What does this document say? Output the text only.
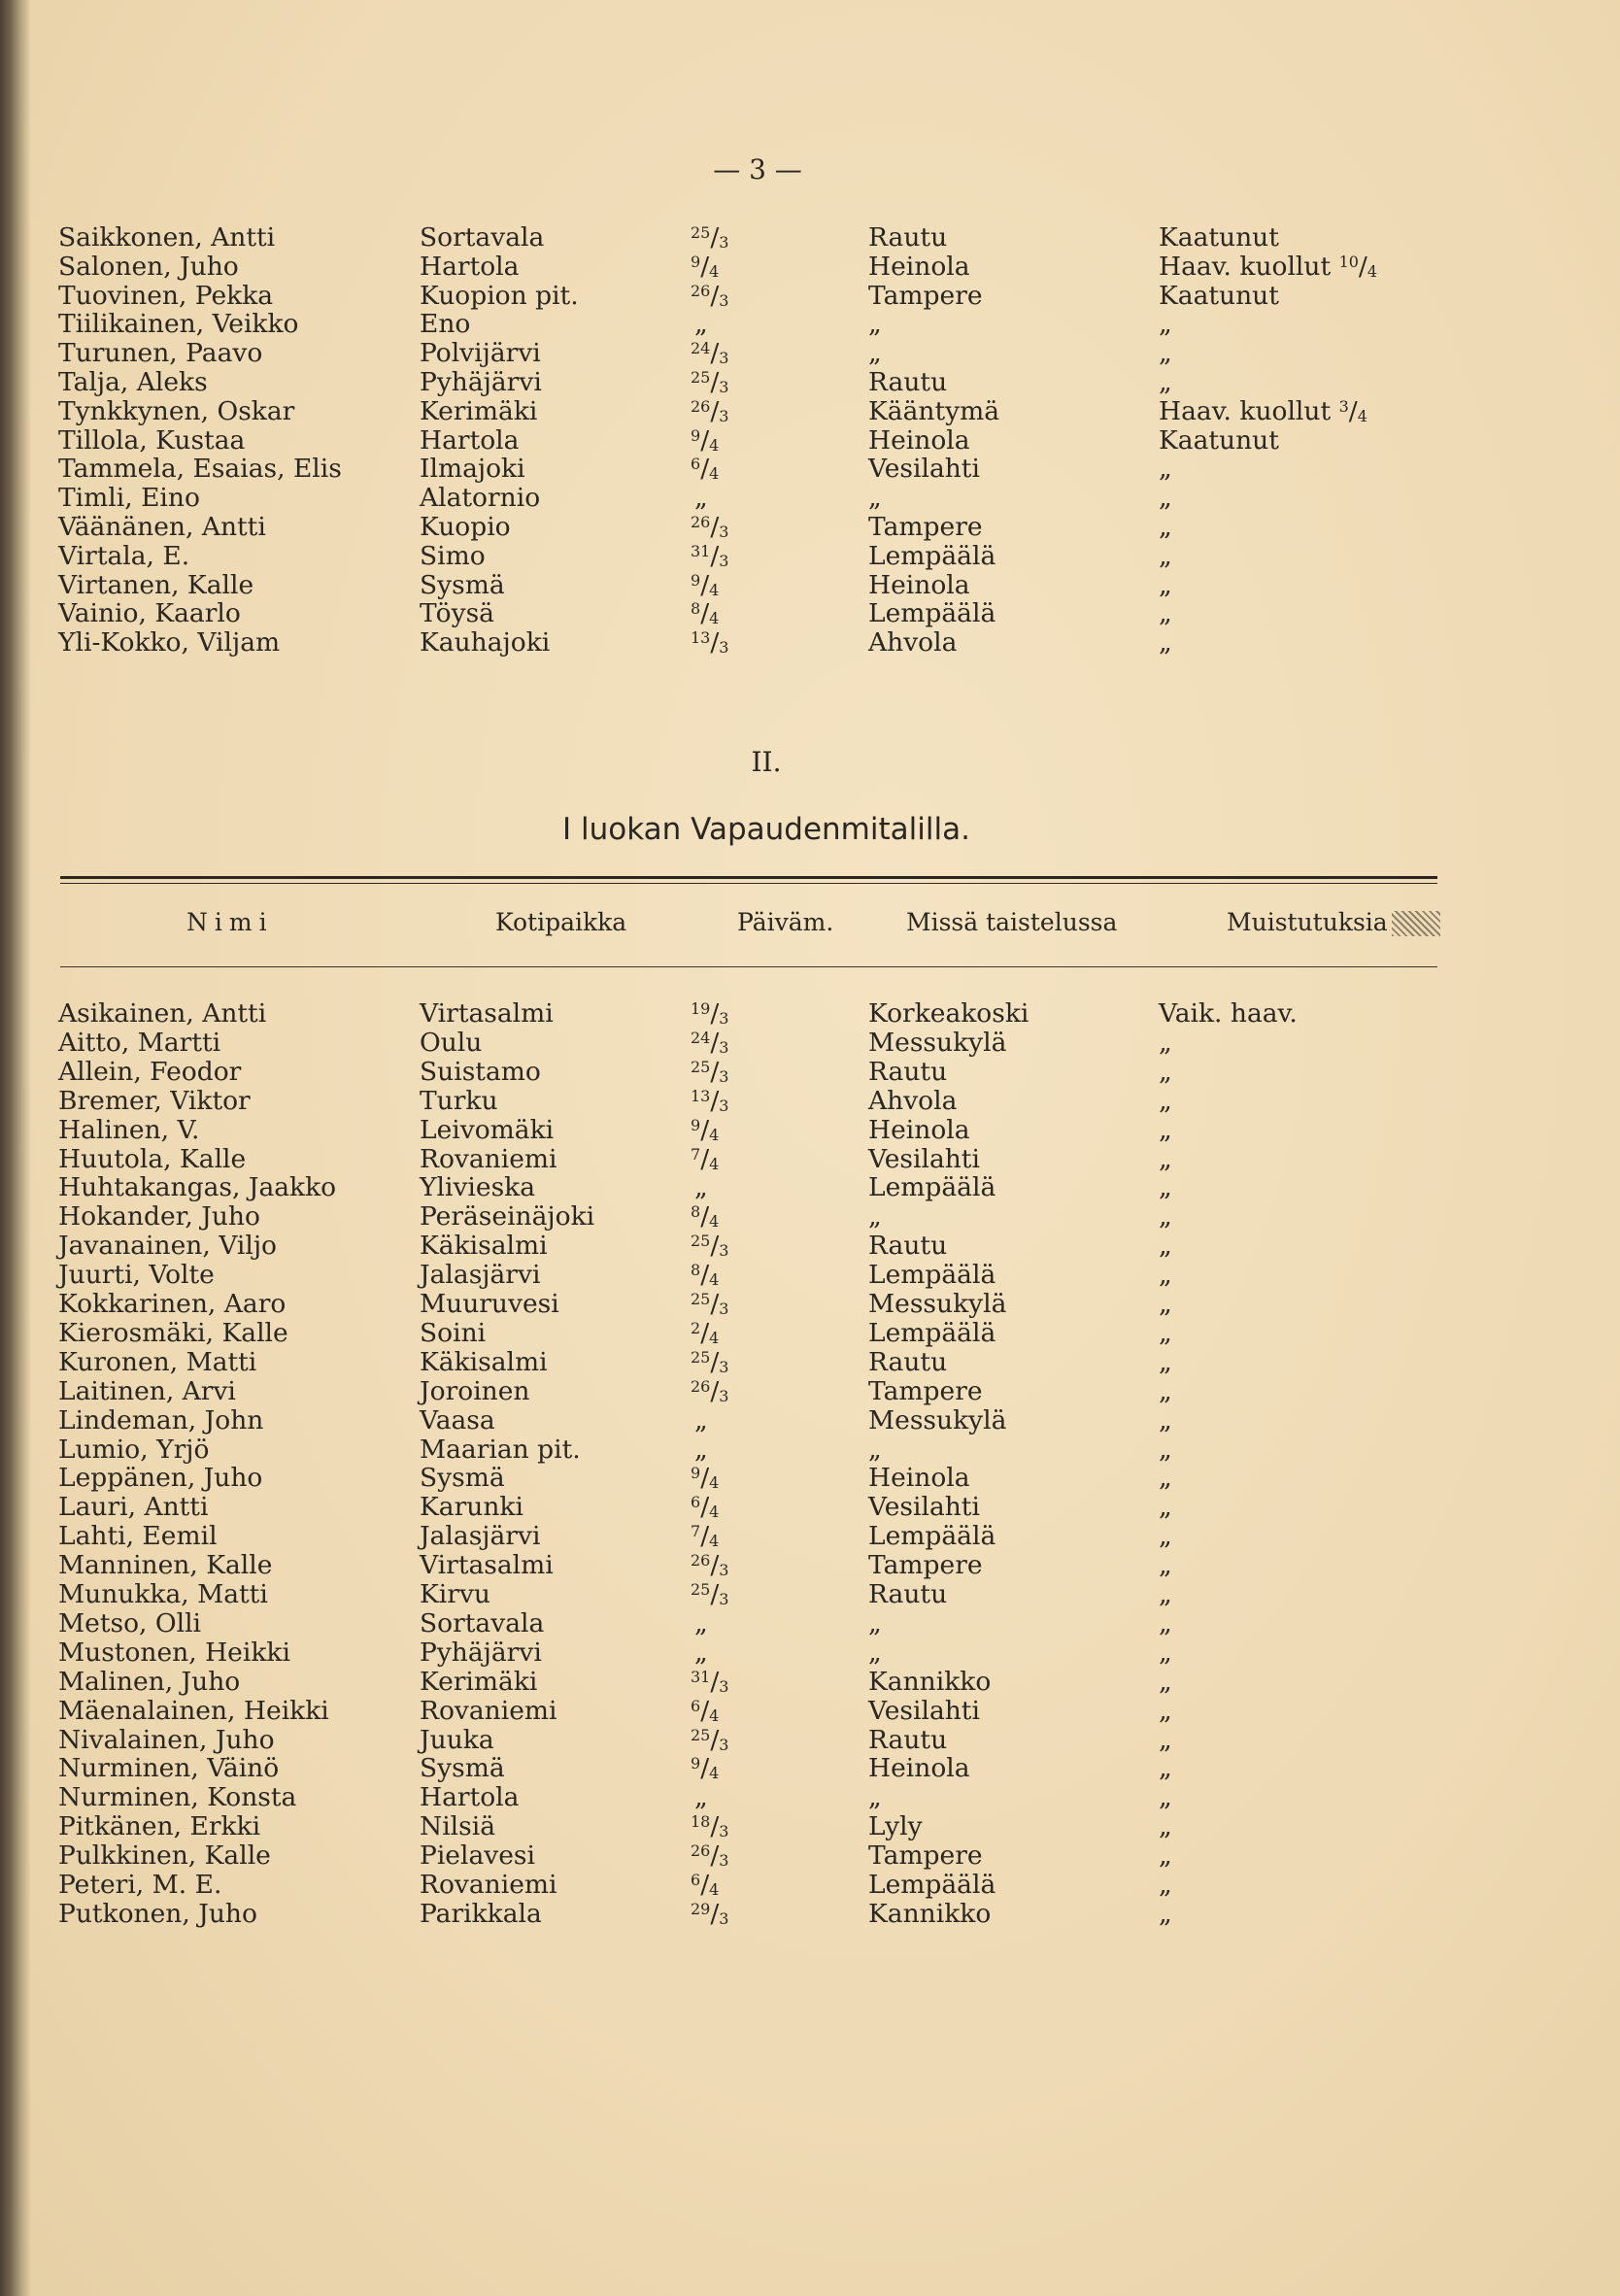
— 3 —
Saikkonen, Antti	Sortavala	$^{25}/_3$	Rautu	Kaatunut
Salonen, Juho	Hartola	$^9/_4$	Heinola	Haav. kuollut $^{10}/_4$
Tuovinen, Pekka	Kuopion pit.	$^{26}/_3$	Tampere	Kaatunut
Tiilikainen, Veikko	Eno	„	„	„
Turunen, Paavo	Polvijärvi	$^{24}/_3$	„	„
Talja, Aleks	Pyhäjärvi	$^{25}/_3$	Rautu	„
Tynkkynen, Oskar	Kerimäki	$^{26}/_3$	Kääntymä	Haav. kuollut $^3/_4$
Tillola, Kustaa	Hartola	$^9/_4$	Heinola	Kaatunut
Tammela, Esaias, Elis	Ilmajoki	$^6/_4$	Vesilahti	„
Timli, Eino	Alatornio	„	„	„
Väänänen, Antti	Kuopio	$^{26}/_3$	Tampere	„
Virtala, E.	Simo	$^{31}/_3$	Lempäälä	„
Virtanen, Kalle	Sysmä	$^9/_4$	Heinola	„
Vainio, Kaarlo	Töysä	$^8/_4$	Lempäälä	„
Yli-Kokko, Viljam	Kauhajoki	$^{13}/_3$	Ahvola	„
II.
I luokan Vapaudenmitalilla.
Nimi	Kotipaikka	Päiväm.	Missä taistelussa	Muistutuksia
Asikainen, Antti	Virtasalmi	$^{19}/_3$	Korkeakoski	Vaik. haav.
Aitto, Martti	Oulu	$^{24}/_3$	Messukylä	„
Allein, Feodor	Suistamo	$^{25}/_3$	Rautu	„
Bremer, Viktor	Turku	$^{13}/_3$	Ahvola	„
Halinen, V.	Leivomäki	$^9/_4$	Heinola	„
Huutola, Kalle	Rovaniemi	$^7/_4$	Vesilahti	„
Huhtakangas, Jaakko	Ylivieska	„	Lempäälä	„
Hokander, Juho	Peräseinäjoki	$^8/_4$	„	„
Javanainen, Viljo	Käkisalmi	$^{25}/_3$	Rautu	„
Juurti, Volte	Jalasjärvi	$^8/_4$	Lempäälä	„
Kokkarinen, Aaro	Muuruvesi	$^{25}/_3$	Messukylä	„
Kierosmäki, Kalle	Soini	$^2/_4$	Lempäälä	„
Kuronen, Matti	Käkisalmi	$^{25}/_3$	Rautu	„
Laitinen, Arvi	Joroinen	$^{26}/_3$	Tampere	„
Lindeman, John	Vaasa	„	Messukylä	„
Lumio, Yrjö	Maarian pit.	„	„	„
Leppänen, Juho	Sysmä	$^9/_4$	Heinola	„
Lauri, Antti	Karunki	$^6/_4$	Vesilahti	„
Lahti, Eemil	Jalasjärvi	$^7/_4$	Lempäälä	„
Manninen, Kalle	Virtasalmi	$^{26}/_3$	Tampere	„
Munukka, Matti	Kirvu	$^{25}/_3$	Rautu	„
Metso, Olli	Sortavala	„	„	„
Mustonen, Heikki	Pyhäjärvi	„	„	„
Malinen, Juho	Kerimäki	$^{31}/_3$	Kannikko	„
Mäenalainen, Heikki	Rovaniemi	$^6/_4$	Vesilahti	„
Nivalainen, Juho	Juuka	$^{25}/_3$	Rautu	„
Nurminen, Väinö	Sysmä	$^9/_4$	Heinola	„
Nurminen, Konsta	Hartola	„	„	„
Pitkänen, Erkki	Nilsiä	$^{18}/_3$	Lyly	„
Pulkkinen, Kalle	Pielavesi	$^{26}/_3$	Tampere	„
Peteri, M. E.	Rovaniemi	$^6/_4$	Lempäälä	„
Putkonen, Juho	Parikkala	$^{29}/_3$	Kannikko	„
